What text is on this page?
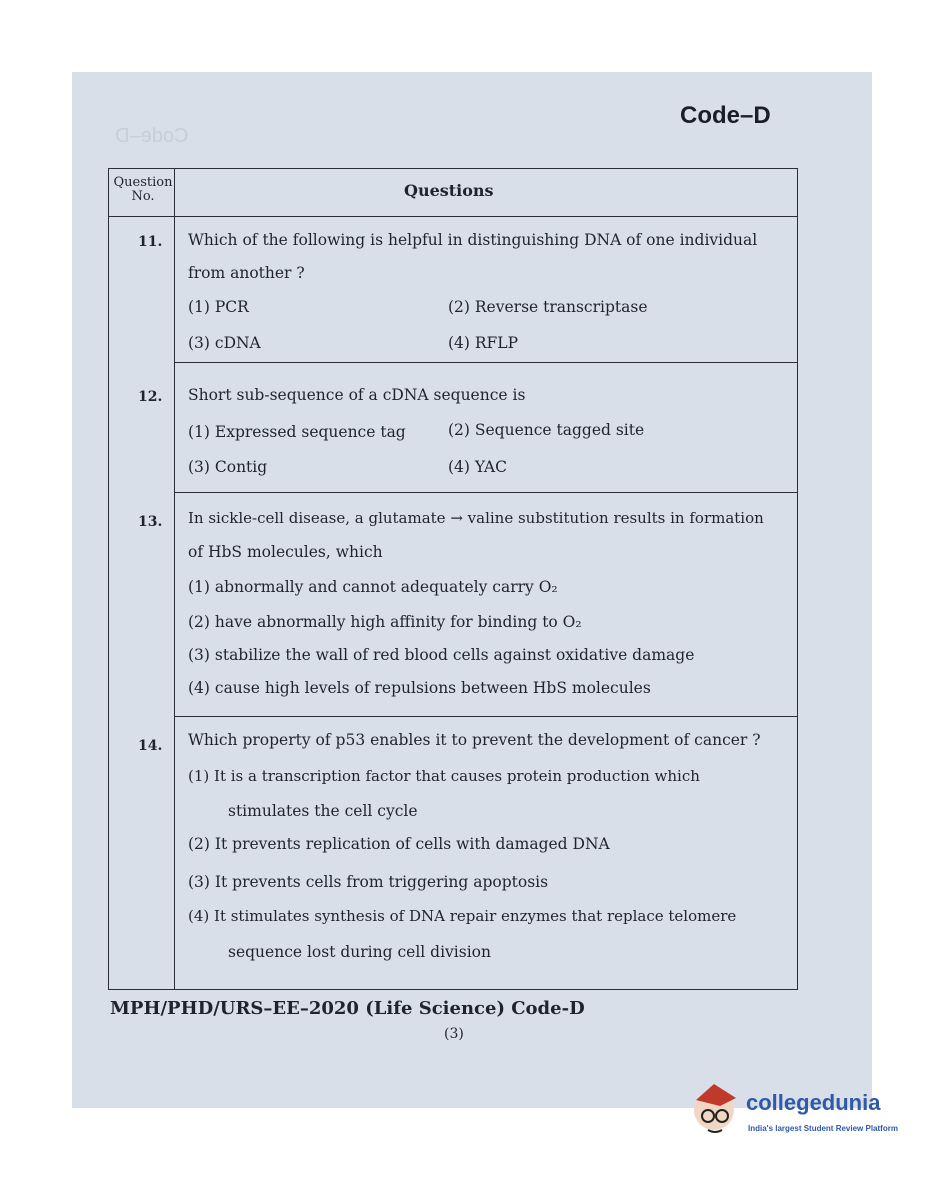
Code–D
Code–D
Question No.	Questions
11. Which of the following is helpful in distinguishing DNA of one individual
from another ?
(1) PCR	(2) Reverse transcriptase
(3) cDNA	(4) RFLP
12. Short sub-sequence of a cDNA sequence is
(1) Expressed sequence tag	(2) Sequence tagged site
(3) Contig	(4) YAC
13. In sickle-cell disease, a glutamate → valine substitution results in formation
of HbS molecules, which
(1) abnormally and cannot adequately carry O₂
(2) have abnormally high affinity for binding to O₂
(3) stabilize the wall of red blood cells against oxidative damage
(4) cause high levels of repulsions between HbS molecules
14. Which property of p53 enables it to prevent the development of cancer ?
(1) It is a transcription factor that causes protein production which
stimulates the cell cycle
(2) It prevents replication of cells with damaged DNA
(3) It prevents cells from triggering apoptosis
(4) It stimulates synthesis of DNA repair enzymes that replace telomere
sequence lost during cell division
MPH/PHD/URS–EE–2020 (Life Science) Code-D
(3)
collegedunia
India's largest Student Review Platform
